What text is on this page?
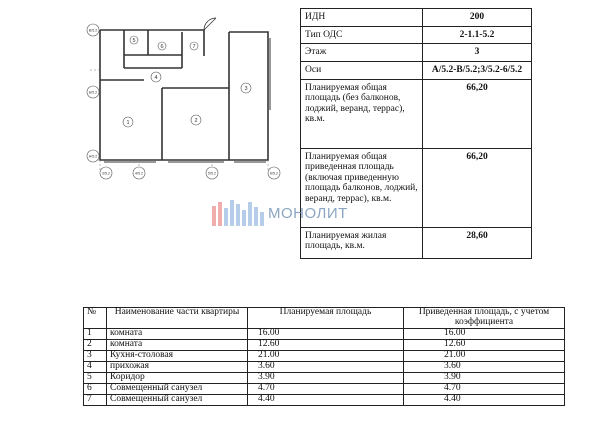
1	2
3
4
5
6	7
В/5.2
Б/5.2
А/5.2
3/5.2	4/5.2	5/5.2	6/5.2
ИДН	200
Тип ОДС	2-1.1-5.2
Этаж	3
Оси	А/5.2-В/5.2;3/5.2-6/5.2
Планируемая общая площадь (без балконов, лоджий, веранд, террас), кв.м.	66,20
Планируемая общая приведенная площадь (включая приведенную площадь балконов, лоджий, веранд, террас), кв.м.	66,20
Планируемая жилая площадь, кв.м.	28,60
МОНОЛИТ
№	Наименование части квартиры	Планируемая площадь	Приведенная площадь, с учетом коэффициента
1	комната	16.00	16.00
2	комната	12.60	12.60
3	Кухня-столовая	21.00	21.00
4	прихожая	3.60	3.60
5	Коридор	3.90	3.90
6	Совмещенный санузел	4.70	4.70
7	Совмещенный санузел	4.40	4.40
